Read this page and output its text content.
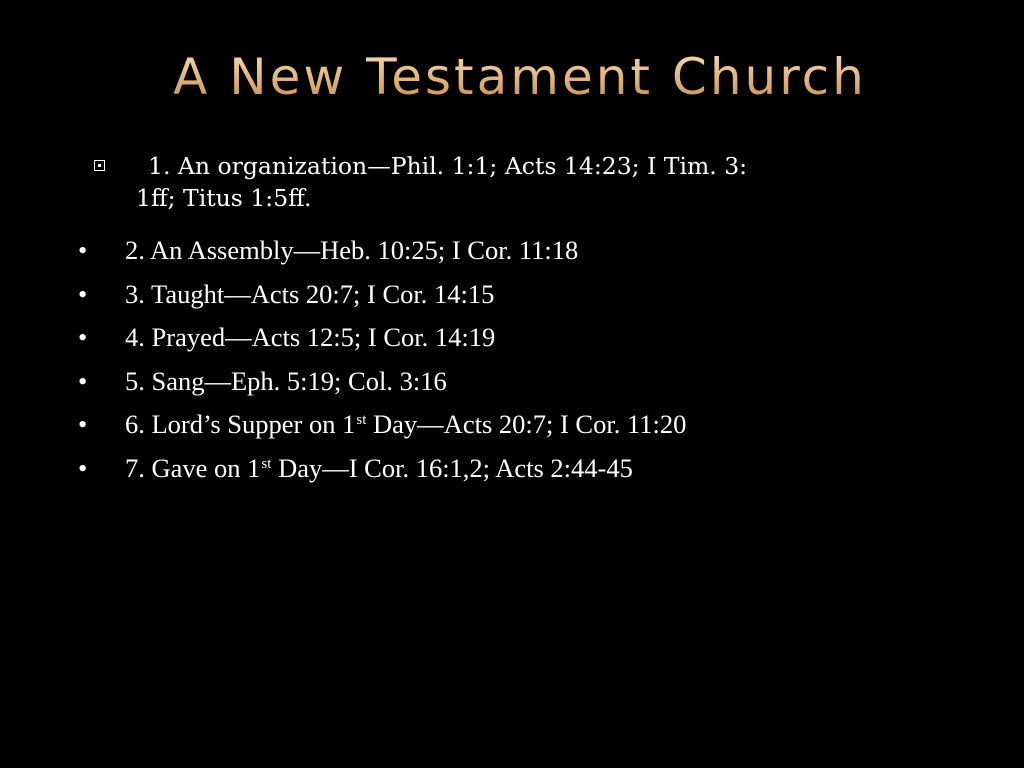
A New Testament Church
1. An organization—Phil. 1:1; Acts 14:23; I Tim. 3:
1ff; Titus 1:5ff.
• 2. An Assembly—Heb. 10:25; I Cor. 11:18
• 3. Taught—Acts 20:7; I Cor. 14:15
• 4. Prayed—Acts 12:5; I Cor. 14:19
• 5. Sang—Eph. 5:19; Col. 3:16
• 6. Lord’s Supper on 1st Day—Acts 20:7; I Cor. 11:20
• 7. Gave on 1st Day—I Cor. 16:1,2; Acts 2:44-45
